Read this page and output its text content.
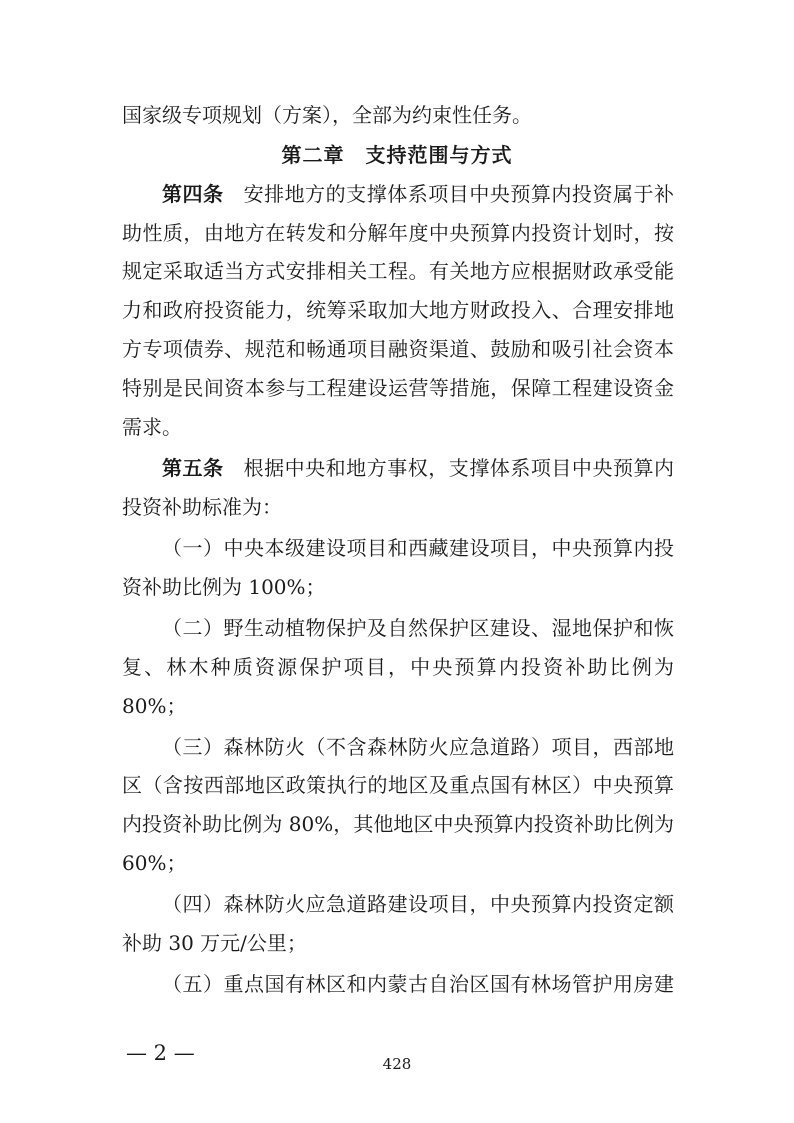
国家级专项规划（方案），全部为约束性任务。
第二章　支持范围与方式
第四条 安排地方的支撑体系项目中央预算内投资属于补
助性质，由地方在转发和分解年度中央预算内投资计划时，按
规定采取适当方式安排相关工程。有关地方应根据财政承受能
力和政府投资能力，统筹采取加大地方财政投入、合理安排地
方专项债券、规范和畅通项目融资渠道、鼓励和吸引社会资本
特别是民间资本参与工程建设运营等措施，保障工程建设资金
需求。
第五条 根据中央和地方事权，支撑体系项目中央预算内
投资补助标准为：
（一）中央本级建设项目和西藏建设项目，中央预算内投
资补助比例为 100%；
（二）野生动植物保护及自然保护区建设、湿地保护和恢
复、林木种质资源保护项目，中央预算内投资补助比例为
80%；
（三）森林防火（不含森林防火应急道路）项目，西部地
区（含按西部地区政策执行的地区及重点国有林区）中央预算
内投资补助比例为 80%，其他地区中央预算内投资补助比例为
60%；
（四）森林防火应急道路建设项目，中央预算内投资定额
补助 30 万元/公里；
（五）重点国有林区和内蒙古自治区国有林场管护用房建
— 2 —	428
